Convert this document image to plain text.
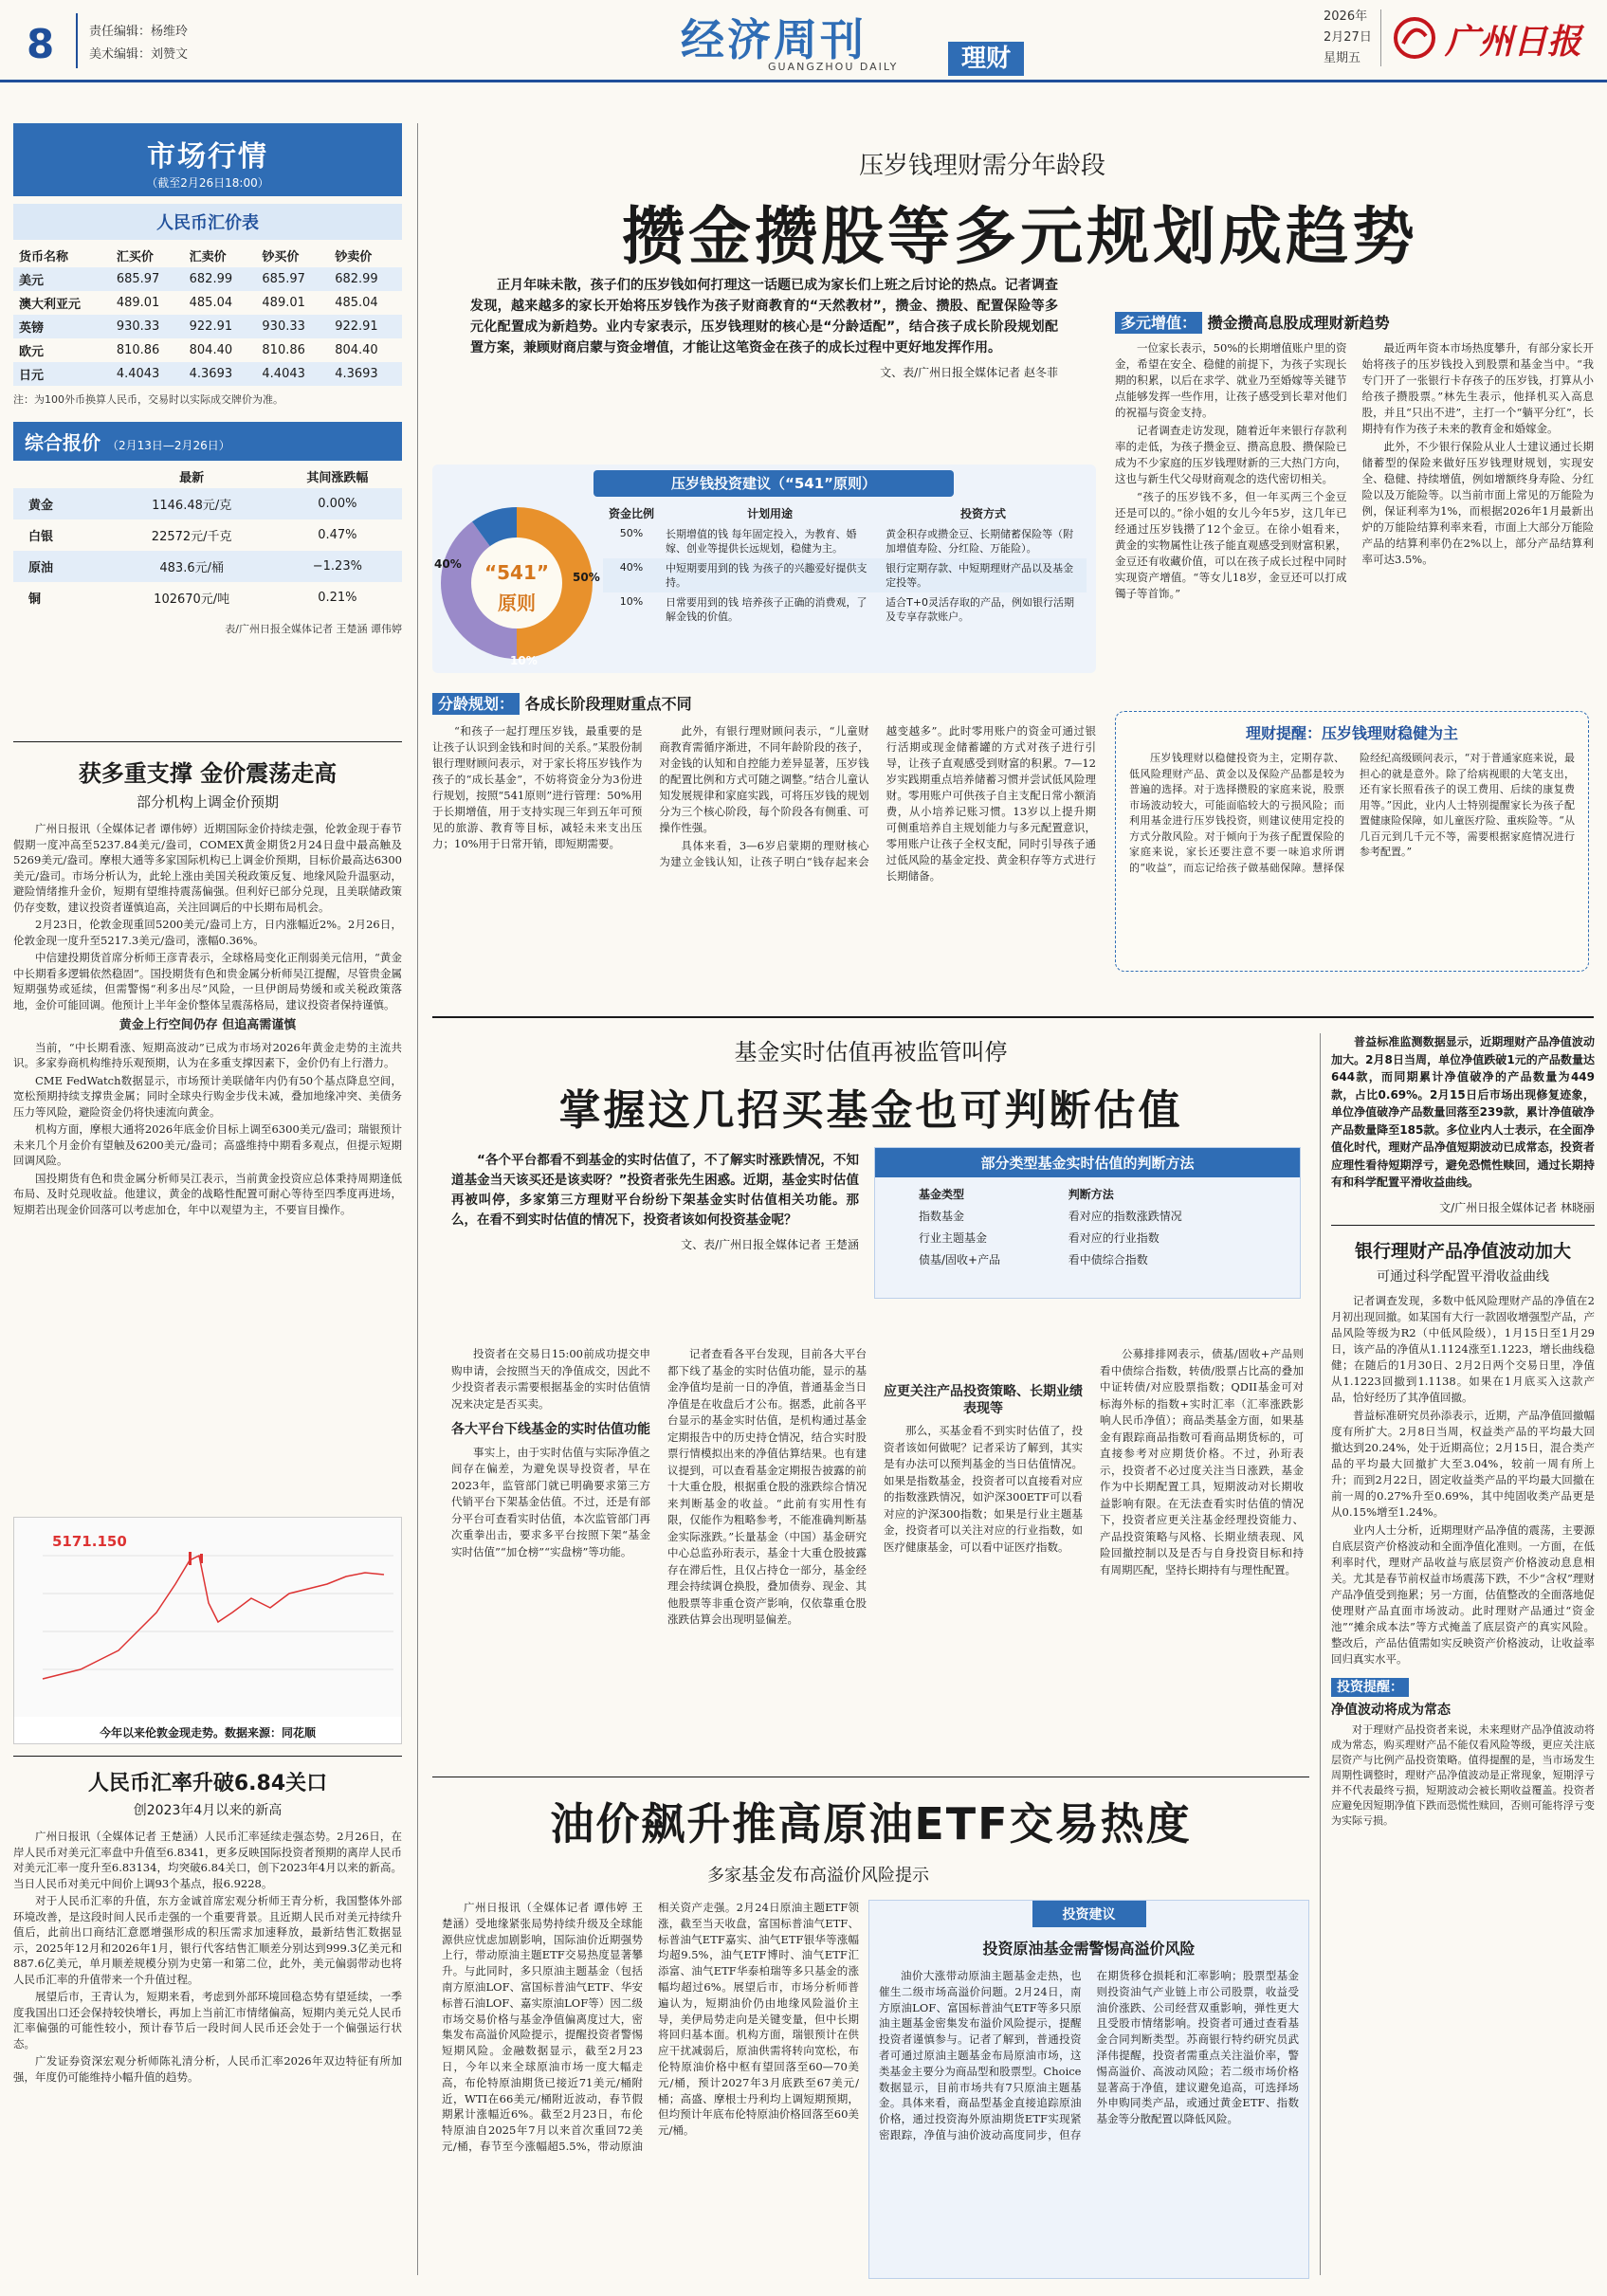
8	责任编辑：杨维玲
美术编辑：刘赞文	经济周刊	理财
GUANGZHOU DAILY
2026年
2月27日
星期五 广州日报
市场行情
（截至2月26日18:00）
人民币汇价表
货币名称	汇买价	汇卖价	钞买价	钞卖价
美元	685.97	682.99	685.97	682.99
澳大利亚元	489.01	485.04	489.01	485.04
英镑	930.33	922.91	930.33	922.91
欧元	810.86	804.40	810.86	804.40
日元	4.4043	4.3693	4.4043	4.3693
注：为100外币换算人民币，交易时以实际成交牌价为准。
综合报价 （2月13日—2月26日）
	最新	其间涨跌幅
黄金	1146.48元/克	0.00%
白银	22572元/千克	0.47%
原油	483.6元/桶	−1.23%
铜	102670元/吨	0.21%
表/广州日报全媒体记者 王楚涵 谭伟婷
获多重支撑 金价震荡走高
部分机构上调金价预期

广州日报讯（全媒体记者 谭伟婷）近期国际金价持续走强，伦敦金现于春节假期一度冲高至5237.84美元/盎司，COMEX黄金期货2月24日盘中最高触及5269美元/盎司。摩根大通等多家国际机构已上调金价预期，目标价最高达6300美元/盎司。市场分析认为，此轮上涨由美国关税政策反复、地缘风险升温驱动，避险情绪推升金价，短期有望维持震荡偏强。但利好已部分兑现，且美联储政策仍存变数，建议投资者谨慎追高，关注回调后的中长期布局机会。

2月23日，伦敦金现重回5200美元/盎司上方，日内涨幅近2%。2月26日，伦敦金现一度升至5217.3美元/盎司，涨幅0.36%。

中信建投期货首席分析师王彦青表示，全球格局变化正削弱美元信用，“黄金中长期看多逻辑依然稳固”。国投期货有色和贵金属分析师吴江提醒，尽管贵金属短期强势或延续，但需警惕“利多出尽”风险，一旦伊朗局势缓和或关税政策落地，金价可能回调。他预计上半年金价整体呈震荡格局，建议投资者保持谨慎。

黄金上行空间仍存 但追高需谨慎

当前，“中长期看涨、短期高波动”已成为市场对2026年黄金走势的主流共识。多家券商机构维持乐观预期，认为在多重支撑因素下，金价仍有上行潜力。

CME FedWatch数据显示，市场预计美联储年内仍有50个基点降息空间，宽松预期持续支撑贵金属；同时全球央行购金步伐未减，叠加地缘冲突、美债务压力等风险，避险资金仍将快速流向黄金。

机构方面，摩根大通将2026年底金价目标上调至6300美元/盎司；瑞银预计未来几个月金价有望触及6200美元/盎司；高盛维持中期看多观点，但提示短期回调风险。

国投期货有色和贵金属分析师吴江表示，当前黄金投资应总体秉持周期逢低布局、及时兑现收益。他建议，黄金的战略性配置可耐心等待至四季度再进场，短期若出现金价回落可以考虑加仓，年中以观望为主，不要盲目操作。

5171.150
今年以来伦敦金现走势。数据来源：同花顺
人民币汇率升破6.84关口
创2023年4月以来的新高

广州日报讯（全媒体记者 王楚涵）人民币汇率延续走强态势。2月26日，在岸人民币对美元汇率盘中升值至6.8341，更多反映国际投资者预期的离岸人民币对美元汇率一度升至6.83134，均突破6.84关口，创下2023年4月以来的新高。当日人民币对美元中间价上调93个基点，报6.9228。

对于人民币汇率的升值，东方金诚首席宏观分析师王青分析，我国整体外部环境改善，是这段时间人民币走强的一个重要背景。且近期人民币对美元持续升值后，此前出口商结汇意愿增强形成的积压需求加速释放，最新结售汇数据显示，2025年12月和2026年1月，银行代客结售汇顺差分别达到999.3亿美元和887.6亿美元，单月顺差规模分别为史第一和第二位，此外，美元偏弱带动也将人民币汇率的升值带来一个升值过程。

展望后市，王青认为，短期来看，考虑到外部环境回稳态势有望延续，一季度我国出口还会保持较快增长，再加上当前汇市情绪偏高，短期内美元兑人民币汇率偏强的可能性较小，预计春节后一段时间人民币还会处于一个偏强运行状态。

广发证券资深宏观分析师陈礼清分析，人民币汇率2026年双边特征有所加强，年度仍可能维持小幅升值的趋势。

压岁钱理财需分年龄段
攒金攒股等多元规划成趋势
正月年味未散，孩子们的压岁钱如何打理这一话题已成为家长们上班之后讨论的热点。记者调查发现，越来越多的家长开始将压岁钱作为孩子财商教育的“天然教材”，攒金、攒股、配置保险等多元化配置成为新趋势。业内专家表示，压岁钱理财的核心是“分龄适配”，结合孩子成长阶段规划配置方案，兼顾财商启蒙与资金增值，才能让这笔资金在孩子的成长过程中更好地发挥作用。
文、表/广州日报全媒体记者 赵冬菲
压岁钱投资建议（“541”原则）
“541”
原则
50%
40%
10%
资金比例	计划用途	投资方式
50%	长期增值的钱 每年固定投入，为教育、婚嫁、创业等提供长远规划，稳健为主。	黄金积存或攒金豆、长期储蓄保险等（附加增值寿险、分红险、万能险）。
40%	中短期要用到的钱 为孩子的兴趣爱好提供支持。	银行定期存款、中短期理财产品以及基金定投等。
10%	日常要用到的钱 培养孩子正确的消费观，了解金钱的价值。	适合T+0灵活存取的产品，例如银行活期及专享存款账户。
多元增值： 攒金攒高息股成理财新趋势

一位家长表示，50%的长期增值账户里的资金，希望在安全、稳健的前提下，为孩子实现长期的积累，以后在求学、就业乃至婚嫁等关键节点能够发挥一些作用，让孩子感受到长辈对他们的祝福与资金支持。

记者调查走访发现，随着近年来银行存款利率的走低，为孩子攒金豆、攒高息股、攒保险已成为不少家庭的压岁钱理财新的三大热门方向，这也与新生代父母财商观念的迭代密切相关。

“孩子的压岁钱不多，但一年买两三个金豆还是可以的。”徐小姐的女儿今年5岁，这几年已经通过压岁钱攒了12个金豆。在徐小姐看来，黄金的实物属性让孩子能直观感受到财富积累，金豆还有收藏价值，可以在孩子成长过程中同时实现资产增值。“等女儿18岁，金豆还可以打成镯子等首饰。”

最近两年资本市场热度攀升，有部分家长开始将孩子的压岁钱投入到股票和基金当中。“我专门开了一张银行卡存孩子的压岁钱，打算从小给孩子攒股票。”林先生表示，他择机买入高息股，并且“只出不进”，主打一个“躺平分红”，长期持有作为孩子未来的教育金和婚嫁金。

此外，不少银行保险从业人士建议通过长期储蓄型的保险来做好压岁钱理财规划，实现安全、稳健、持续增值，例如增额终身寿险、分红险以及万能险等。以当前市面上常见的万能险为例，保证利率为1%，而根据2026年1月最新出炉的万能险结算利率来看，市面上大部分万能险产品的结算利率仍在2%以上，部分产品结算利率可达3.5%。

分龄规划： 各成长阶段理财重点不同

“和孩子一起打理压岁钱，最重要的是让孩子认识到金钱和时间的关系。”某股份制银行理财顾问表示，对于家长将压岁钱作为孩子的“成长基金”，不妨将资金分为3份进行规划，按照“541原则”进行管理：50%用于长期增值，用于支持实现三年到五年可预见的旅游、教育等目标，减轻未来支出压力；10%用于日常开销，即短期需要。

此外，有银行理财顾问表示，“儿童财商教育需循序渐进，不同年龄阶段的孩子，对金钱的认知和自控能力差异显著，压岁钱的配置比例和方式可随之调整。”结合儿童认知发展规律和家庭实践，可将压岁钱的规划分为三个核心阶段，每个阶段各有侧重、可操作性强。

具体来看，3—6岁启蒙期的理财核心为建立金钱认知，让孩子明白“钱存起来会越变越多”。此时零用账户的资金可通过银行活期或现金储蓄罐的方式对孩子进行引导，让孩子直观感受到财富的积累。7—12岁实践期重点培养储蓄习惯并尝试低风险理财。零用账户可供孩子自主支配日常小额消费，从小培养记账习惯。13岁以上提升期可侧重培养自主规划能力与多元配置意识，零用账户让孩子全权支配，同时引导孩子通过低风险的基金定投、黄金积存等方式进行长期储备。

理财提醒：压岁钱理财稳健为主
压岁钱理财以稳健投资为主，定期存款、低风险理财产品、黄金以及保险产品都是较为普遍的选择。对于选择攒股的家庭来说，股票市场波动较大，可能面临较大的亏损风险；而利用基金进行压岁钱投资，则建议使用定投的方式分散风险。对于倾向于为孩子配置保险的家庭来说，家长还要注意不要一味追求所谓的“收益”，而忘记给孩子做基础保障。慧择保险经纪高级顾问表示，“对于普通家庭来说，最担心的就是意外。除了给病视眼的大笔支出，还有家长照看孩子的误工费用、后续的康复费用等。”因此，业内人士特别提醒家长为孩子配置健康险保障，如儿童医疗险、重疾险等。“从几百元到几千元不等，需要根据家庭情况进行参考配置。”
基金实时估值再被监管叫停
掌握这几招买基金也可判断估值
“各个平台都看不到基金的实时估值了，不了解实时涨跌情况，不知道基金当天该买还是该卖呀？”投资者张先生困惑。近期，基金实时估值再被叫停，多家第三方理财平台纷纷下架基金实时估值相关功能。那么，在看不到实时估值的情况下，投资者该如何投资基金呢？
文、表/广州日报全媒体记者 王楚涵
部分类型基金实时估值的判断方法
基金类型	判断方法
指数基金	看对应的指数涨跌情况
行业主题基金	看对应的行业指数
债基/固收+产品	看中债综合指数

投资者在交易日15:00前成功提交申购申请，会按照当天的净值成交，因此不少投资者表示需要根据基金的实时估值情况来决定是否买卖。

各大平台下线基金的实时估值功能

事实上，由于实时估值与实际净值之间存在偏差，为避免误导投资者，早在2023年，监管部门就已明确要求第三方代销平台下架基金估值。不过，还是有部分平台可查看实时估值，本次监管部门再次重拳出击，要求多平台按照下架“基金实时估值”“加仓榜”“实盘榜”等功能。

记者查看各平台发现，目前各大平台都下线了基金的实时估值功能，显示的基金净值均是前一日的净值，普通基金当日净值是在收盘后才公布。据悉，此前各平台显示的基金实时估值，是机构通过基金定期报告中的历史持仓情况，结合实时股票行情模拟出来的净值估算结果。也有建议提到，可以查看基金定期报告披露的前十大重仓股，根据重仓股的涨跌综合情况来判断基金的收益。“此前有实用性有限，仅能作为粗略参考，不能准确判断基金实际涨跌。”长量基金（中国）基金研究中心总监孙珩表示，基金十大重仓股披露存在滞后性，且仅占持仓一部分，基金经理会持续调仓换股，叠加债券、现金、其他股票等非重仓资产影响，仅依靠重仓股涨跌估算会出现明显偏差。

应更关注产品投资策略、长期业绩表现等

那么，买基金看不到实时估值了，投资者该如何做呢？记者采访了解到，其实是有办法可以预判基金的当日估值情况。如果是指数基金，投资者可以直接看对应的指数涨跌情况，如沪深300ETF可以看对应的沪深300指数；如果是行业主题基金，投资者可以关注对应的行业指数，如医疗健康基金，可以看中证医疗指数。

公募排排网表示，债基/固收+产品则看中债综合指数，转债/股票占比高的叠加中证转债/对应股票指数；QDII基金可对标海外标的指数+实时汇率（汇率涨跌影响人民币净值）；商品类基金方面，如果基金有跟踪商品指数可看商品期货标的，可直接参考对应期货价格。不过，孙珩表示，投资者不必过度关注当日涨跌，基金作为中长期配置工具，短期波动对长期收益影响有限。在无法查看实时估值的情况下，投资者应更关注基金经理投资能力、产品投资策略与风格、长期业绩表现、风险回撤控制以及是否与自身投资目标和持有周期匹配，坚持长期持有与理性配置。

普益标准监测数据显示，近期理财产品净值波动加大。2月8日当周，单位净值跌破1元的产品数量达644款，而同期累计净值破净的产品数量为449款，占比0.69%。2月15日后市场出现修复迹象，单位净值破净产品数量回落至239款，累计净值破净产品数量降至185款。多位业内人士表示，在全面净值化时代，理财产品净值短期波动已成常态，投资者应理性看待短期浮亏，避免恐慌性赎回，通过长期持有和科学配置平滑收益曲线。
文/广州日报全媒体记者 林晓丽
银行理财产品净值波动加大
可通过科学配置平滑收益曲线

记者调查发现，多数中低风险理财产品的净值在2月初出现回撤。如某国有大行一款固收增强型产品，产品风险等级为R2（中低风险级），1月15日至1月29日，该产品的净值从1.1124涨至1.1223，增长曲线稳健；在随后的1月30日、2月2日两个交易日里，净值从1.1223回撤到1.1138。如果在1月底买入这款产品，恰好经历了其净值回撤。

普益标准研究员孙添表示，近期，产品净值回撤幅度有所扩大。2月8日当周，权益类产品的平均最大回撤达到20.24%，处于近期高位；2月15日，混合类产品的平均最大回撤扩大至3.04%，较前一周有所上升；而到2月22日，固定收益类产品的平均最大回撤在前一周的0.27%升至0.69%，其中纯固收类产品更是从0.15%增至1.24%。

业内人士分析，近期理财产品净值的震荡，主要源自底层资产价格波动和全面净值化准则。一方面，在低利率时代，理财产品收益与底层资产价格波动息息相关。尤其是春节前权益市场震荡下跌，不少“含权”理财产品净值受到拖累；另一方面，估值整改的全面落地促使理财产品直面市场波动。此时理财产品通过“资金池”“摊余成本法”等方式掩盖了底层资产的真实风险。整改后，产品估值需如实反映资产价格波动，让收益率回归真实水平。

投资提醒：
净值波动将成为常态
对于理财产品投资者来说，未来理财产品净值波动将成为常态，购买理财产品不能仅看风险等级，更应关注底层资产与比例产品投资策略。值得提醒的是，当市场发生周期性调整时，理财产品净值波动是正常现象，短期浮亏并不代表最终亏损，短期波动会被长期收益覆盖。投资者应避免因短期净值下跌而恐慌性赎回，否则可能将浮亏变为实际亏损。
油价飙升推高原油ETF交易热度
多家基金发布高溢价风险提示
广州日报讯（全媒体记者 谭伟婷 王楚涵）受地缘紧张局势持续升级及全球能源供应忧虑加剧影响，国际油价近期强势上行，带动原油主题ETF交易热度显著攀升。与此同时，多只原油主题基金（包括南方原油LOF、富国标普油气ETF、华安标普石油LOF、嘉实原油LOF等）因二级市场交易价格与基金净值偏离度过大，密集发布高溢价风险提示，提醒投资者警惕短期风险。金融数据显示，截至2月23日，今年以来全球原油市场一度大幅走高，布伦特原油期货已接近71美元/桶附近，WTI在66美元/桶附近波动，春节假期累计涨幅近6%。截至2月23日，布伦特原油自2025年7月以来首次重回72美元/桶，春节至今涨幅超5.5%，带动原油相关资产走强。2月24日原油主题ETF领涨，截至当天收盘，富国标普油气ETF、标普油气ETF嘉实、油气ETF银华等涨幅均超9.5%，油气ETF博时、油气ETF汇添富、油气ETF华泰柏瑞等多只基金的涨幅均超过6%。展望后市，市场分析师普遍认为，短期油价仍由地缘风险溢价主导，美伊局势走向是关键变量，但中长期将回归基本面。机构方面，瑞银预计在供应干扰减弱后，原油供需将转向宽松，布伦特原油价格中枢有望回落至60—70美元/桶，预计2027年3月底跌至67美元/桶；高盛、摩根士丹利均上调短期预期，但均预计年底布伦特原油价格回落至60美元/桶。
投资建议
投资原油基金需警惕高溢价风险
油价大涨带动原油主题基金走热，也催生二级市场高溢价问题。2月24日，南方原油LOF、富国标普油气ETF等多只原油主题基金密集发布溢价风险提示，提醒投资者谨慎参与。记者了解到，普通投资者可通过原油主题基金布局原油市场，这类基金主要分为商品型和股票型。Choice数据显示，目前市场共有7只原油主题基金。具体来看，商品型基金直接追踪原油价格，通过投资海外原油期货ETF实现紧密跟踪，净值与油价波动高度同步，但存在期货移仓损耗和汇率影响；股票型基金则投资油气产业链上市公司股票，收益受油价涨跌、公司经营双重影响，弹性更大且受股市情绪影响。投资者可通过查看基金合同判断类型。苏商银行特约研究员武泽伟提醒，投资者需重点关注溢价率，警惕高溢价、高波动风险；若二级市场价格显著高于净值，建议避免追高，可选择场外申购同类产品，或通过黄金ETF、指数基金等分散配置以降低风险。
